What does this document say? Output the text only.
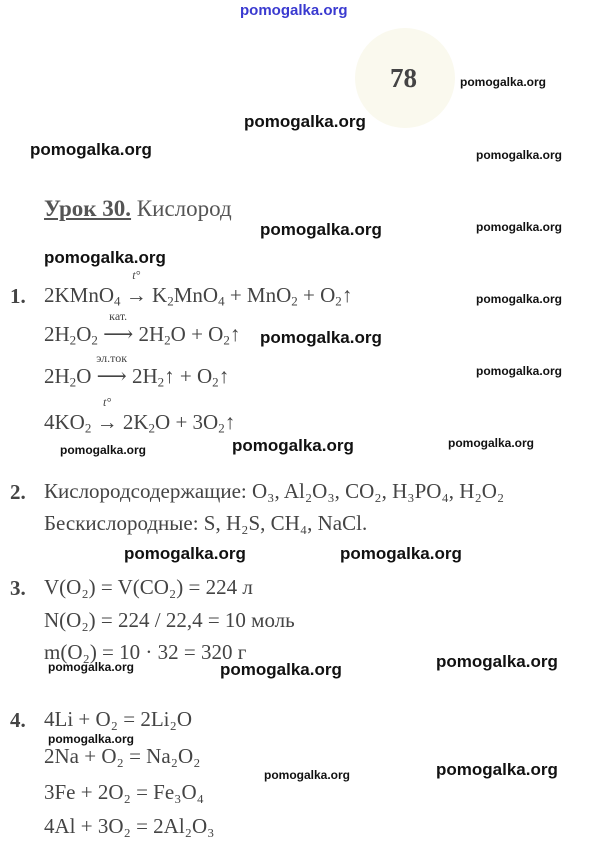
78
Урок 30. Кислород
1. 2KMnO$_4$ →
t°
$K_2MnO_4 + MnO_2$ + $O_2↑$
$2H_2O_2$ ⟶
кат.
$2H_2O$ + $O_2↑$
$2H_2O$ ⟶
эл.ток
$2H_2↑$ + $O_2↑$
$4KO_2$ →
t°
$2K_2O$ + $3O_2↑$
2. Кислородсодержащие: O₃, Al₂O₃, CO₂, H₃PO₄, H₂O₂
Бескислородные: S, H₂S, CH₄, NaCl.
3. V(O₂) = V(CO₂) = 224 л
N(O₂) = 224 / 22,4 = 10 моль
m(O₂) = 10 · 32 = 320 г
4. 4Li + O₂ = 2Li₂O
2Na + O₂ = Na₂O₂
3Fe + 2O₂ = Fe₃O₄
4Al + 3O₂ = 2Al₂O₃
pomogalka.org
pomogalka.org
pomogalka.org
pomogalka.org	pomogalka.org
pomogalka.org	pomogalka.org
pomogalka.org
pomogalka.org
pomogalka.org
pomogalka.org
pomogalka.org	pomogalka.org
pomogalka.org
pomogalka.org	pomogalka.org
pomogalka.org
pomogalka.org	pomogalka.org
pomogalka.org
pomogalka.org
pomogalka.org
